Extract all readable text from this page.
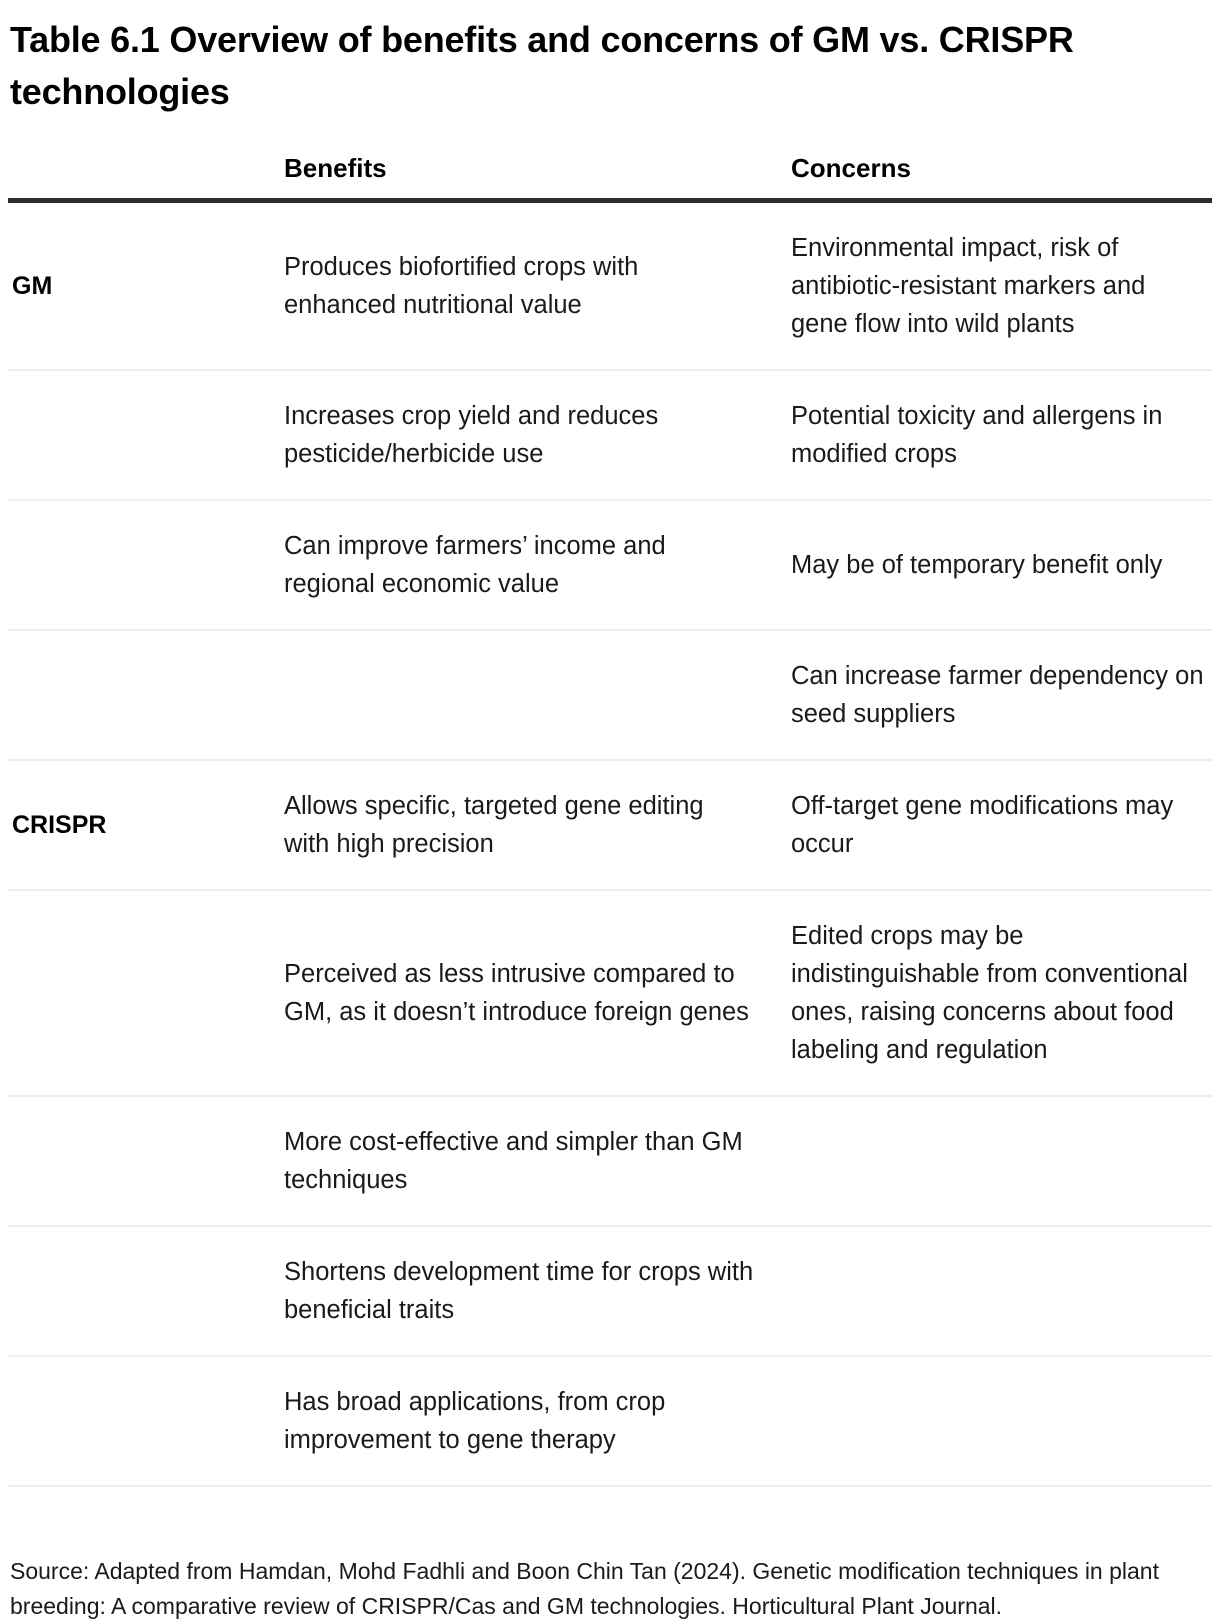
Table 6.1 Overview of benefits and concerns of GM vs. CRISPR technologies
	Benefits	Concerns
GM	Produces biofortified crops with enhanced nutritional value	Environmental impact, risk of antibiotic-resistant markers and gene flow into wild plants
	Increases crop yield and reduces pesticide/herbicide use	Potential toxicity and allergens in modified crops
	Can improve farmers’ income and regional economic value	May be of temporary benefit only
		Can increase farmer dependency on seed suppliers
CRISPR	Allows specific, targeted gene editing with high precision	Off-target gene modifications may occur
	Perceived as less intrusive compared to GM, as it doesn’t introduce foreign genes	Edited crops may be indistinguishable from conventional ones, raising concerns about food labeling and regulation
	More cost-effective and simpler than GM techniques	
	Shortens development time for crops with beneficial traits	
	Has broad applications, from crop improvement to gene therapy	

Source: Adapted from Hamdan, Mohd Fadhli and Boon Chin Tan (2024). Genetic modification techniques in plant breeding: A comparative review of CRISPR/Cas and GM technologies. Horticultural Plant Journal.
